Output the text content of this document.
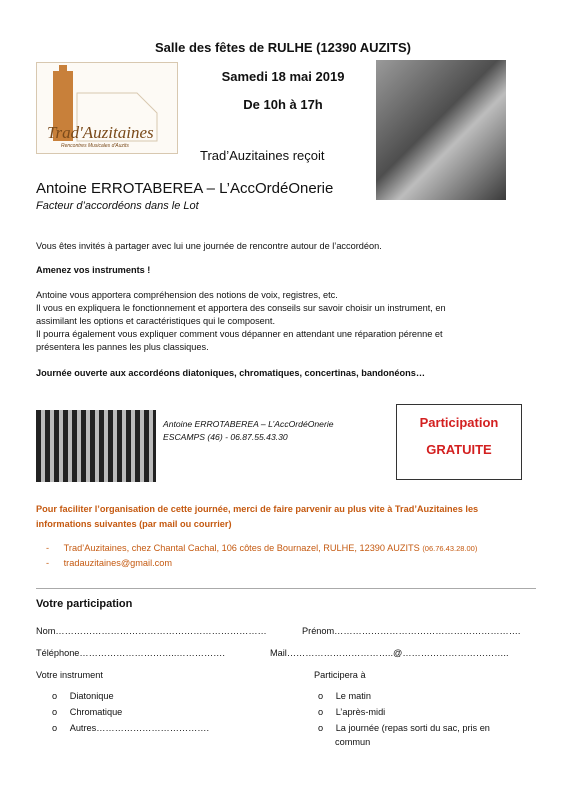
Salle des fêtes de RULHE (12390 AUZITS)
Samedi 18 mai 2019
De 10h à 17h
Trad'Auzitaines
Rencontres Musicales d'Auzits
Trad’Auzitaines reçoit
Antoine ERROTABEREA – L’AccOrdéOnerie
Facteur d’accordéons dans le Lot
Vous êtes invités à partager avec lui une journée de rencontre autour de l’accordéon.
Amenez vos instruments !
Antoine vous apportera compréhension des notions de voix, registres, etc.
Il vous en expliquera le fonctionnement et apportera des conseils sur savoir choisir un instrument, en
assimilant les options et caractéristiques qui le composent.
Il pourra également vous expliquer comment vous dépanner en attendant une réparation pérenne et
présentera les pannes les plus classiques.
Journée ouverte aux accordéons diatoniques, chromatiques, concertinas, bandonéons…
Antoine ERROTABEREA – L’AccOrdéOnerie
ESCAMPS (46) - 06.87.55.43.30
Participation
GRATUITE
Pour faciliter l’organisation de cette journée, merci de faire parvenir au plus vite à Trad’Auzitaines les
informations suivantes (par mail ou courrier)
- Trad’Auzitaines, chez Chantal Cachal, 106 côtes de Bournazel, RULHE, 12390 AUZITS (06.76.43.28.00)
- tradauzitaines@gmail.com
Votre participation
Nom……………………………………………………………	Prénom…………………………………………………….
Téléphone…………………………..…………….	Mail……………………………..@……………………………..
Votre instrument	Participera à
o Diatonique
o Chromatique
o Autres……………………………….
o Le matin
o L’après-midi
o La journée (repas sorti du sac, pris en
commun
